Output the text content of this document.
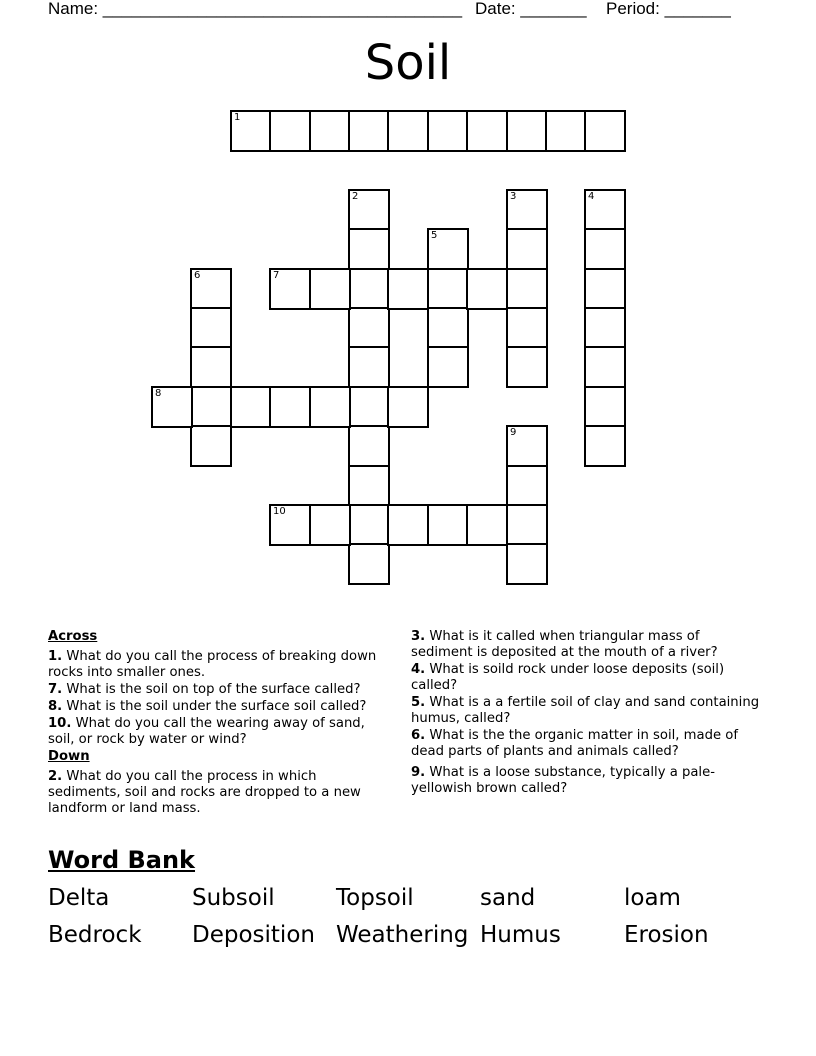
Name: ______________________________________ Date: _______ Period: _______
Soil
1
2	3	4
5
6	7
8
9
10
Across
1. What do you call the process of breaking down rocks into smaller ones.
7. What is the soil on top of the surface called?
8. What is the soil under the surface soil called?
10. What do you call the wearing away of sand, soil, or rock by water or wind?
Down
2. What do you call the process in which sediments, soil and rocks are dropped to a new landform or land mass.
3. What is it called when triangular mass of sediment is deposited at the mouth of a river?
4. What is soild rock under loose deposits (soil) called?
5. What is a a fertile soil of clay and sand containing humus, called?
6. What is the the organic matter in soil, made of dead parts of plants and animals called?
9. What is a loose substance, typically a pale-yellowish brown called?
Word Bank
Delta	Subsoil	Topsoil	sand	loam
Bedrock Deposition Weathering Humus	Erosion
